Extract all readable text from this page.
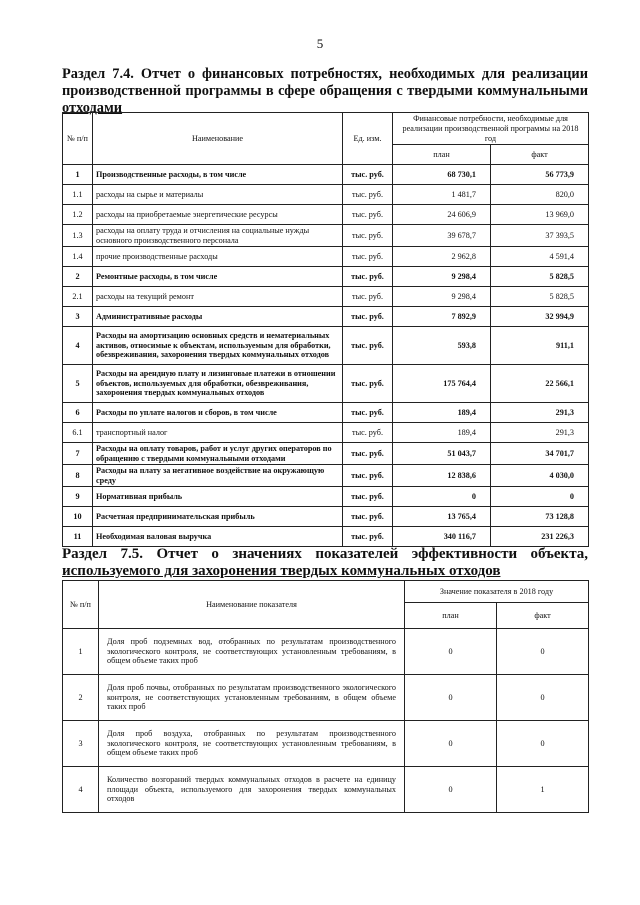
5
Раздел 7.4. Отчет о финансовых потребностях, необходимых для реализации
производственной программы в сфере обращения с твердыми коммунальными
отходами
№ п/п	Наименование	Ед. изм.	Финансовые потребности, необходимые для реализации производственной программы на 2018 год	
			план	факт
1	Производственные расходы, в том числе	тыс. руб.	68 730,1	56 773,9
1.1	расходы на сырье и материалы	тыс. руб.	1 481,7	820,0
1.2	расходы на приобретаемые энергетические ресурсы	тыс. руб.	24 606,9	13 969,0
1.3	расходы на оплату труда и отчисления на социальные нужды основного производственного персонала	тыс. руб.	39 678,7	37 393,5
1.4	прочие производственные расходы	тыс. руб.	2 962,8	4 591,4
2	Ремонтные расходы, в том числе	тыс. руб.	9 298,4	5 828,5
2.1	расходы на текущий ремонт	тыс. руб.	9 298,4	5 828,5
3	Административные расходы	тыс. руб.	7 892,9	32 994,9
4	Расходы на амортизацию основных средств и нематериальных активов, относимые к объектам, используемым для обработки, обезвреживания, захоронения твердых коммунальных отходов	тыс. руб.	593,8	911,1
5	Расходы на арендную плату и лизинговые платежи в отношении объектов, используемых для обработки, обезвреживания, захоронения твердых коммунальных отходов	тыс. руб.	175 764,4	22 566,1
6	Расходы по уплате налогов и сборов, в том числе	тыс. руб.	189,4	291,3
6.1	транспортный налог	тыс. руб.	189,4	291,3
7	Расходы на оплату товаров, работ и услуг других операторов по обращению с твердыми коммунальными отходами	тыс. руб.	51 043,7	34 701,7
8	Расходы на плату за негативное воздействие на окружающую среду	тыс. руб.	12 838,6	4 030,0
9	Нормативная прибыль	тыс. руб.	0	0
10	Расчетная предпринимательская прибыль	тыс. руб.	13 765,4	73 128,8
11	Необходимая валовая выручка	тыс. руб.	340 116,7	231 226,3
Раздел 7.5. Отчет о значениях показателей эффективности объекта,
используемого для захоронения твердых коммунальных отходов
№ п/п	Наименование показателя	Значение показателя в 2018 году	
		план	факт
1	Доля проб подземных вод, отобранных по результатам производственного экологического контроля, не соответствующих установленным требованиям, в общем объеме таких проб	0	0
2	Доля проб почвы, отобранных по результатам производственного экологического контроля, не соответствующих установленным требованиям, в общем объеме таких проб	0	0
3	Доля проб воздуха, отобранных по результатам производственного экологического контроля, не соответствующих установленным требованиям, в общем объеме таких проб	0	0
4	Количество возгораний твердых коммунальных отходов в расчете на единицу площади объекта, используемого для захоронения твердых коммунальных отходов	0	1
